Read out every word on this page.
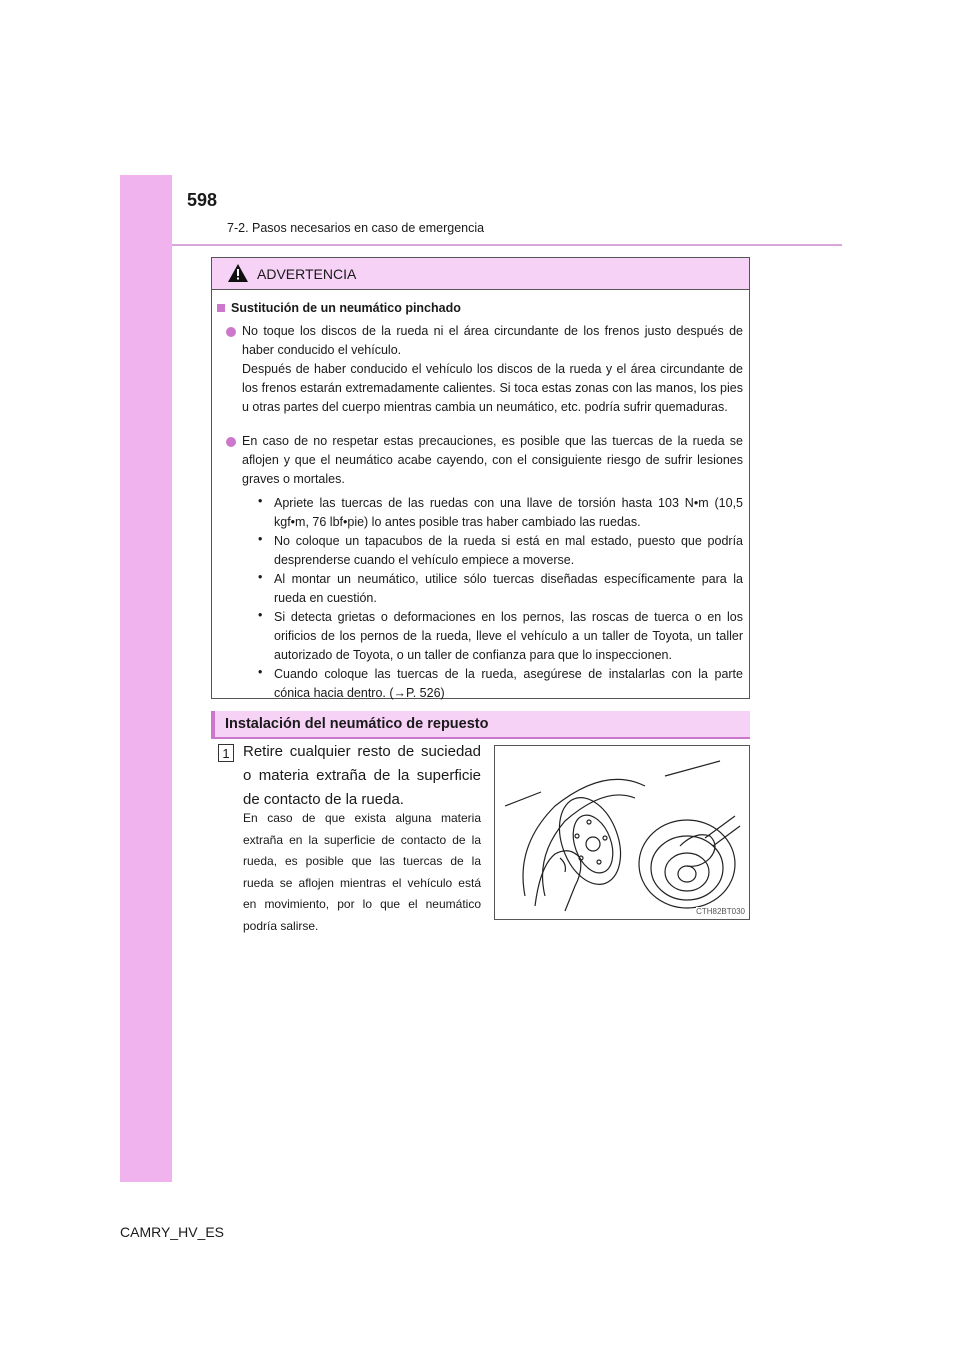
598
7-2. Pasos necesarios en caso de emergencia
ADVERTENCIA
Sustitución de un neumático pinchado

No toque los discos de la rueda ni el área circundante de los frenos justo después de haber conducido el vehículo.

Después de haber conducido el vehículo los discos de la rueda y el área circundante de los frenos estarán extremadamente calientes. Si toca estas zonas con las manos, los pies u otras partes del cuerpo mientras cambia un neumático, etc. podría sufrir quemaduras.

En caso de no respetar estas precauciones, es posible que las tuercas de la rueda se aflojen y que el neumático acabe cayendo, con el consiguiente riesgo de sufrir lesiones graves o mortales.
• Apriete las tuercas de las ruedas con una llave de torsión hasta 103 N•m (10,5 kgf•m, 76 lbf•pie) lo antes posible tras haber cambiado las ruedas.
• No coloque un tapacubos de la rueda si está en mal estado, puesto que podría desprenderse cuando el vehículo empiece a moverse.
• Al montar un neumático, utilice sólo tuercas diseñadas específicamente para la rueda en cuestión.
• Si detecta grietas o deformaciones en los pernos, las roscas de tuerca o en los orificios de los pernos de la rueda, lleve el vehículo a un taller de Toyota, un taller autorizado de Toyota, o un taller de confianza para que lo inspeccionen.
• Cuando coloque las tuercas de la rueda, asegúrese de instalarlas con la parte cónica hacia dentro. (→P. 526)
Instalación del neumático de repuesto
1 Retire cualquier resto de suciedad o materia extraña de la superficie de contacto de la rueda.
En caso de que exista alguna materia extraña en la superficie de contacto de la rueda, es posible que las tuercas de la rueda se aflojen mientras el vehículo está en movimiento, por lo que el neumático podría salirse.
CTH82BT030
CAMRY_HV_ES
